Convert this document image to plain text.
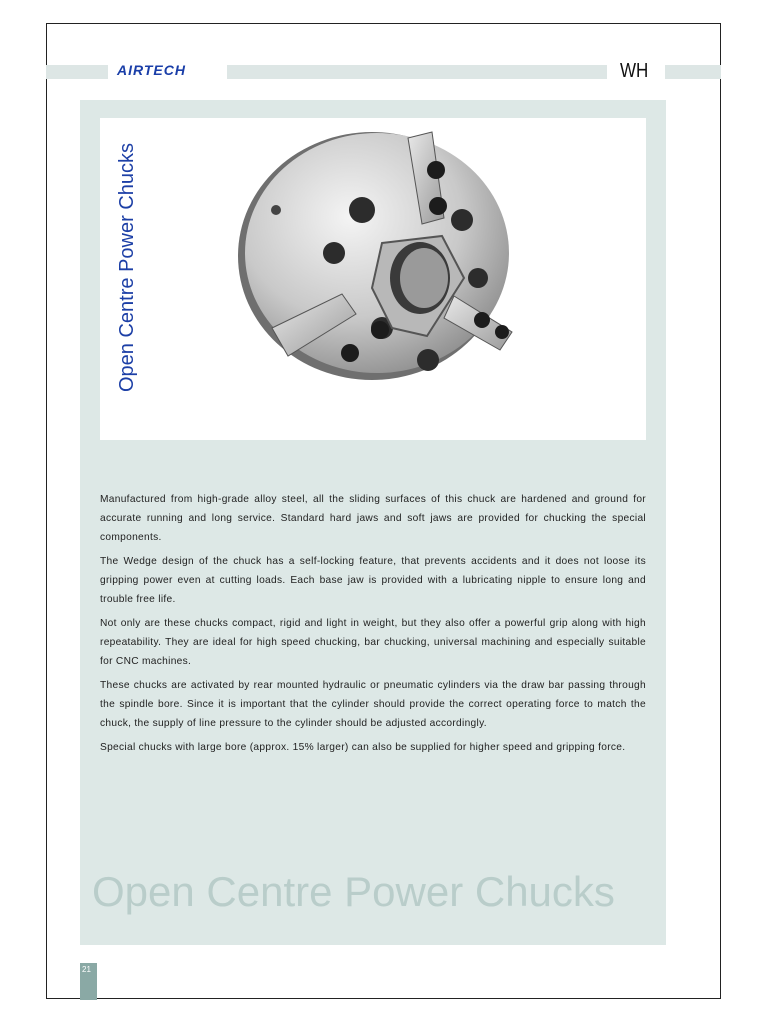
AIRTECH	WH
Open Centre Power Chucks

Manufactured from high-grade alloy steel, all the sliding surfaces of this chuck are hardened and ground for accurate running and long service. Standard hard jaws and soft jaws are provided for chucking the special components.

The Wedge design of the chuck has a self-locking feature, that prevents accidents and it does not loose its gripping power even at cutting loads. Each base jaw is provided with a lubricating nipple to ensure long and trouble free life.

Not only are these chucks compact, rigid and light in weight, but they also offer a powerful grip along with high repeatability. They are ideal for high speed chucking, bar chucking, universal machining and especially suitable for CNC machines.

These chucks are activated by rear mounted hydraulic or pneumatic cylinders via the draw bar passing through the spindle bore. Since it is important that the cylinder should provide the correct operating force to match the chuck, the supply of line pressure to the cylinder should be adjusted accordingly.

Special chucks with large bore (approx. 15% larger) can also be supplied for higher speed and gripping force.

Open Centre Power Chucks
21
